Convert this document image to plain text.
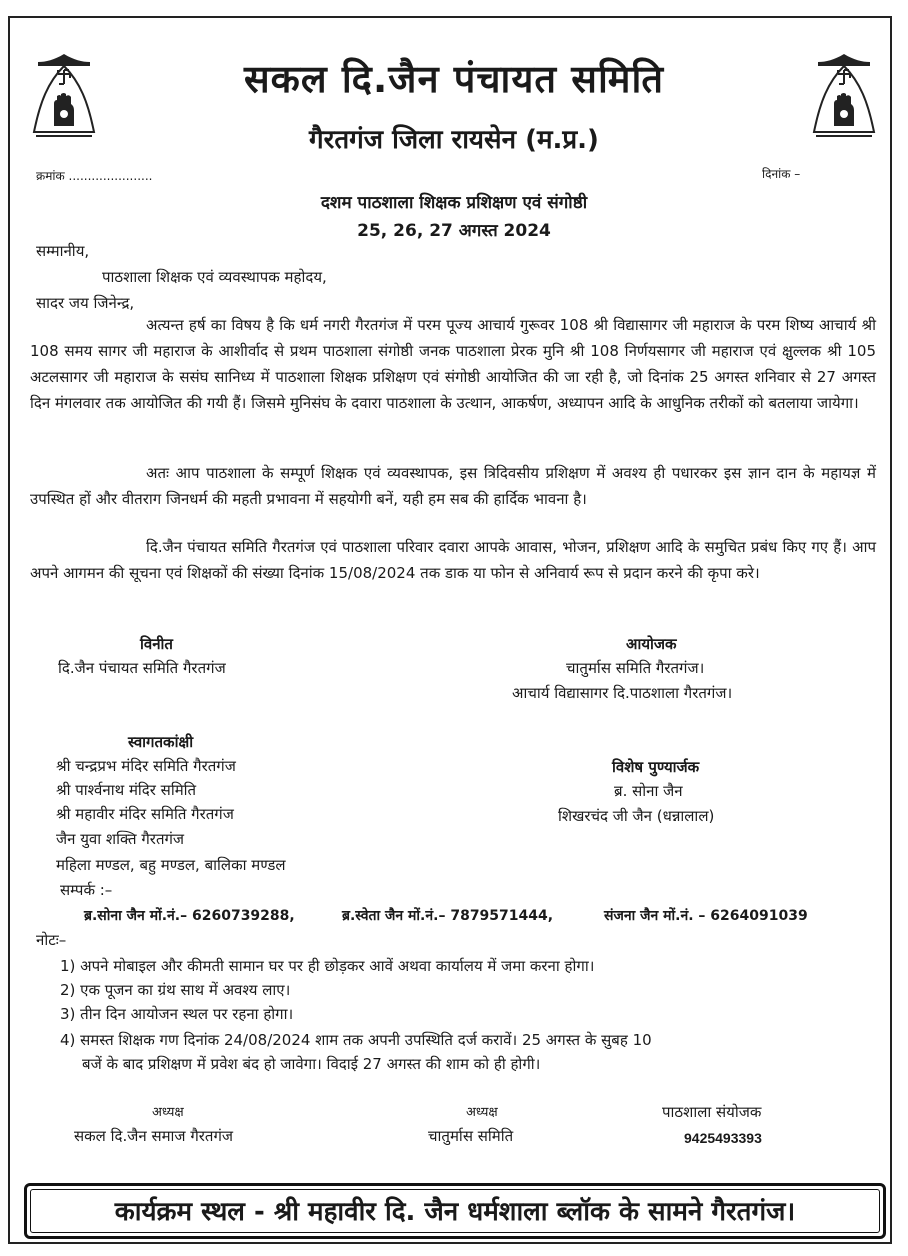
सकल दि.जैन पंचायत समिति
गैरतगंज जिला रायसेन (म.प्र.)
क्रमांक ......................	दिनांक –
दशम पाठशाला शिक्षक प्रशिक्षण एवं संगोष्ठी
25, 26, 27 अगस्त 2024
सम्मानीय,
पाठशाला शिक्षक एवं व्यवस्थापक महोदय,
सादर जय जिनेन्द्र,
अत्यन्त हर्ष का विषय है कि धर्म नगरी गैरतगंज में परम पूज्य आचार्य गुरूवर 108 श्री विद्यासागर जी महाराज के परम शिष्य आचार्य श्री 108 समय सागर जी महाराज के आशीर्वाद से प्रथम पाठशाला संगोष्ठी जनक पाठशाला प्रेरक मुनि श्री 108 निर्णयसागर जी महाराज एवं क्षुल्लक श्री 105 अटलसागर जी महाराज के ससंघ सानिध्य में पाठशाला शिक्षक प्रशिक्षण एवं संगोष्ठी आयोजित की जा रही है, जो दिनांक 25 अगस्त शनिवार से 27 अगस्त दिन मंगलवार तक आयोजित की गयी हैं। जिसमे मुनिसंघ के दवारा पाठशाला के उत्थान, आकर्षण, अध्यापन आदि के आधुनिक तरीकों को बतलाया जायेगा।
अतः आप पाठशाला के सम्पूर्ण शिक्षक एवं व्यवस्थापक, इस त्रिदिवसीय प्रशिक्षण में अवश्य ही पधारकर इस ज्ञान दान के महायज्ञ में उपस्थित हों और वीतराग जिनधर्म की महती प्रभावना में सहयोगी बनें, यही हम सब की हार्दिक भावना है।
दि.जैन पंचायत समिति गैरतगंज एवं पाठशाला परिवार दवारा आपके आवास, भोजन, प्रशिक्षण आदि के समुचित प्रबंध किए गए हैं। आप अपने आगमन की सूचना एवं शिक्षकों की संख्या दिनांक 15/08/2024 तक डाक या फोन से अनिवार्य रूप से प्रदान करने की कृपा करे।
विनीत
दि.जैन पंचायत समिति गैरतगंज
आयोजक
चातुर्मास समिति गैरतगंज।
आचार्य विद्यासागर दि.पाठशाला गैरतगंज।
स्वागतकांक्षी
श्री चन्द्रप्रभ मंदिर समिति गैरतगंज
श्री पार्श्वनाथ मंदिर समिति
श्री महावीर मंदिर समिति गैरतगंज
जैन युवा शक्ति गैरतगंज
महिला मण्डल, बहु मण्डल, बालिका मण्डल
विशेष पुण्यार्जक
ब्र. सोना जैन
शिखरचंद जी जैन (धन्नालाल)
सम्पर्क :–
ब्र.सोना जैन मों.नं.– 6260739288,	ब्र.स्वेता जैन मों.नं.– 7879571444,	संजना जैन मों.नं. – 6264091039
नोटः–
1) अपने मोबाइल और कीमती सामान घर पर ही छोड़कर आवें अथवा कार्यालय में जमा करना होगा।
2) एक पूजन का ग्रंथ साथ में अवश्य लाए।
3) तीन दिन आयोजन स्थल पर रहना होगा।
4) समस्त शिक्षक गण दिनांक 24/08/2024 शाम तक अपनी उपस्थिति दर्ज करावें। 25 अगस्त के सुबह 10
बजें के बाद प्रशिक्षण में प्रवेश बंद हो जावेगा। विदाई 27 अगस्त की शाम को ही होगी।
अध्यक्ष
सकल दि.जैन समाज गैरतगंज
अध्यक्ष
चातुर्मास समिति
पाठशाला संयोजक
9425493393
कार्यक्रम स्थल - श्री महावीर दि. जैन धर्मशाला ब्लॉक के सामने गैरतगंज।
